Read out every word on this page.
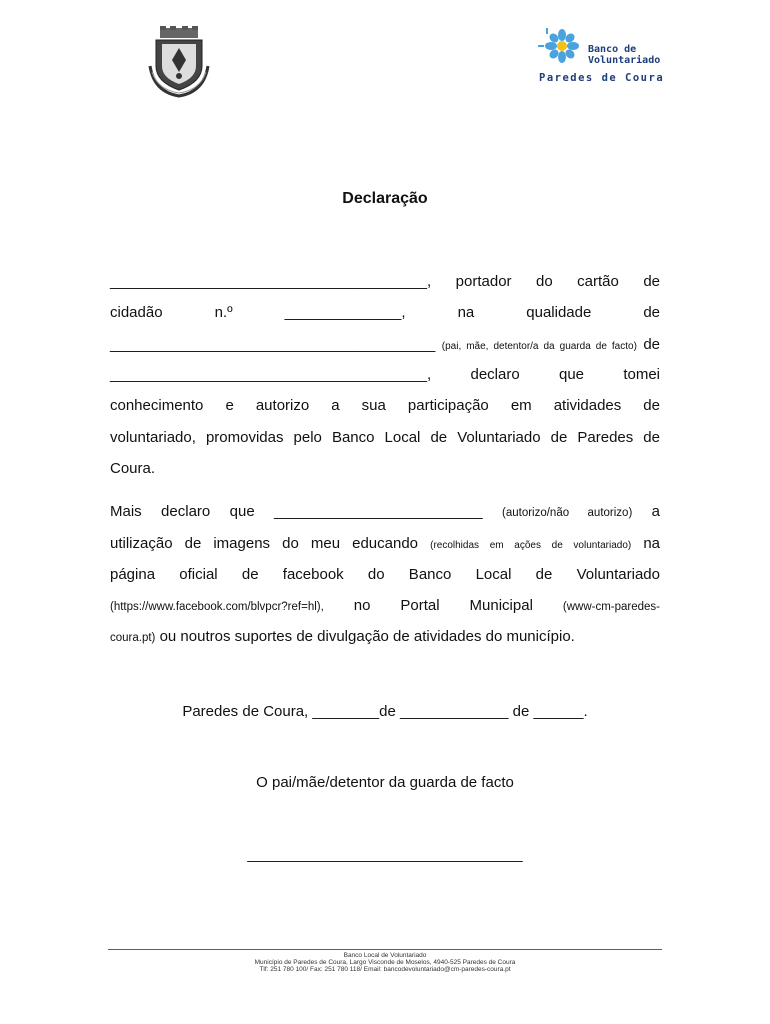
Banco de
Voluntariado
Paredes de Coura
Declaração
______________________________________, portador do cartão de
cidadão	n.º	______________,	na	qualidade	de
_______________________________________ (pai, mãe, detentor/a da guarda de facto) de
______________________________________,	declaro	que	tomei
conhecimento e autorizo a sua participação em atividades de
voluntariado, promovidas pelo Banco Local de Voluntariado de Paredes de
Coura.
Mais declaro que _________________________ (autorizo/não autorizo) a
utilização de imagens do meu educando (recolhidas em ações de voluntariado) na
página oficial de facebook do Banco Local de Voluntariado
(https://www.facebook.com/blvpcr?ref=hl), no Portal Municipal	(www-cm-paredes-
coura.pt) ou noutros suportes de divulgação de atividades do município.
Paredes de Coura, ________de _____________ de ______.
O pai/mãe/detentor da guarda de facto
_________________________________
Banco Local de Voluntariado
Município de Paredes de Coura, Largo Visconde de Moselos, 4940-525 Paredes de Coura
Tlf: 251 780 100/ Fax: 251 780 118/ Email: bancodevoluntariado@cm-paredes-coura.pt
